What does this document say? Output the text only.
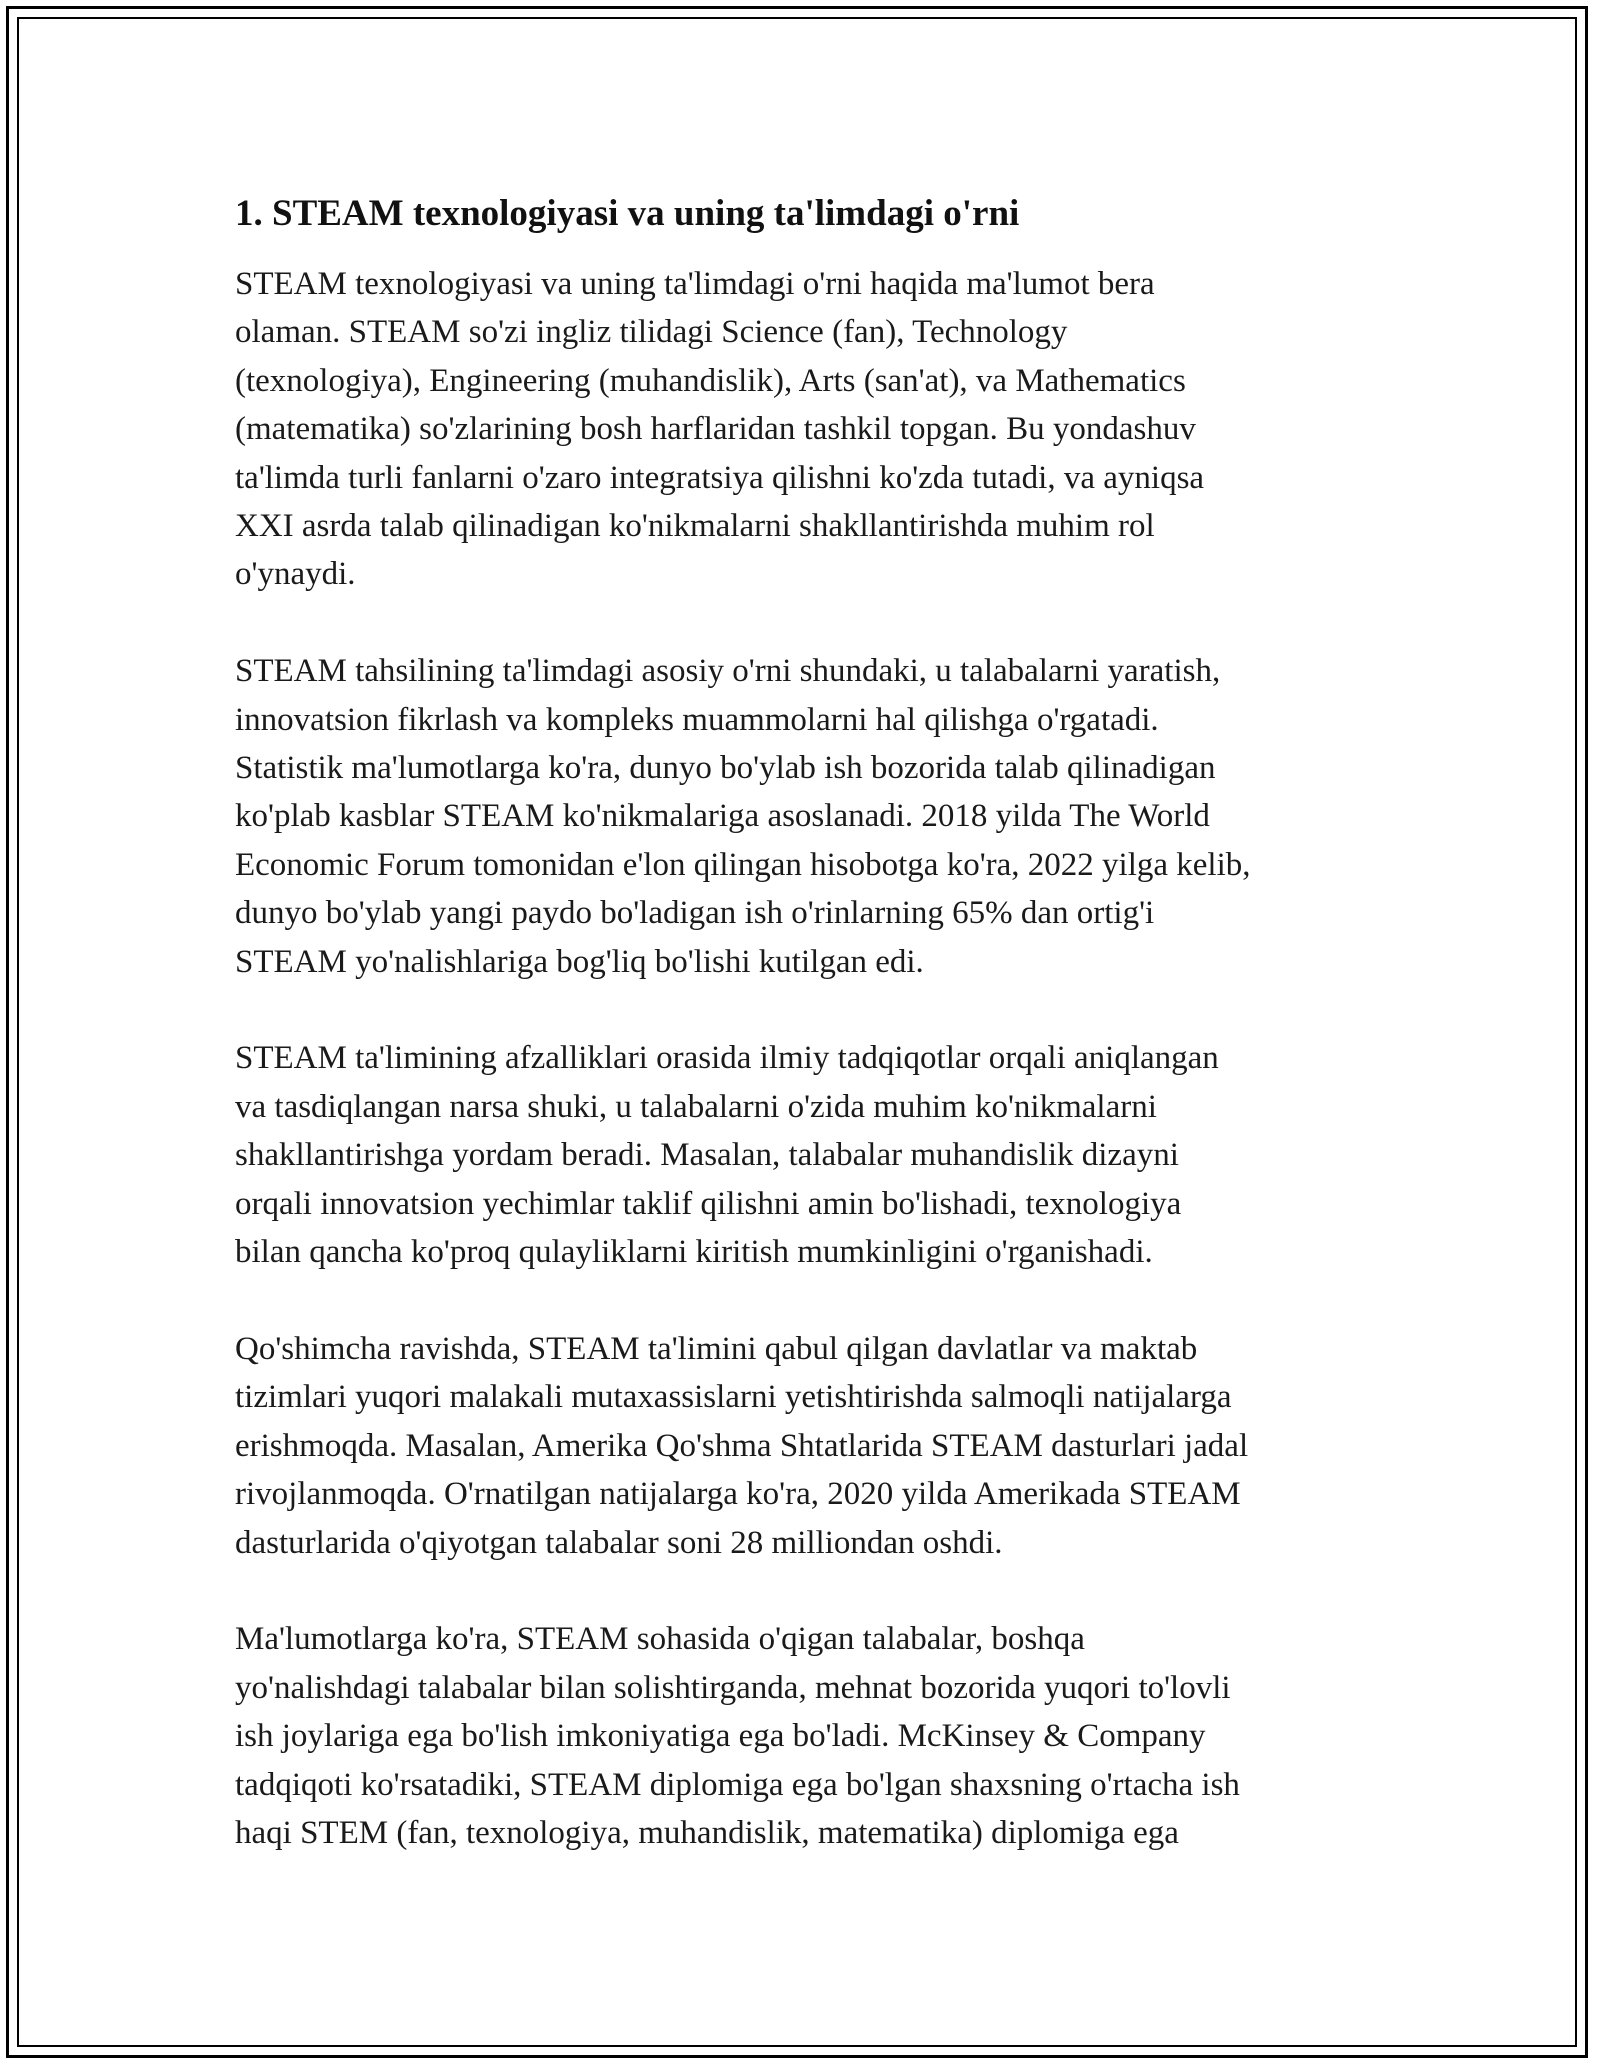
1. STEAM texnologiyasi va uning ta'limdagi o'rni

STEAM texnologiyasi va uning ta'limdagi o'rni haqida ma'lumot bera
olaman. STEAM so'zi ingliz tilidagi Science (fan), Technology
(texnologiya), Engineering (muhandislik), Arts (san'at), va Mathematics
(matematika) so'zlarining bosh harflaridan tashkil topgan. Bu yondashuv
ta'limda turli fanlarni o'zaro integratsiya qilishni ko'zda tutadi, va ayniqsa
XXI asrda talab qilinadigan ko'nikmalarni shakllantirishda muhim rol
o'ynaydi.

STEAM tahsilining ta'limdagi asosiy o'rni shundaki, u talabalarni yaratish,
innovatsion fikrlash va kompleks muammolarni hal qilishga o'rgatadi.
Statistik ma'lumotlarga ko'ra, dunyo bo'ylab ish bozorida talab qilinadigan
ko'plab kasblar STEAM ko'nikmalariga asoslanadi. 2018 yilda The World
Economic Forum tomonidan e'lon qilingan hisobotga ko'ra, 2022 yilga kelib,
dunyo bo'ylab yangi paydo bo'ladigan ish o'rinlarning 65% dan ortig'i
STEAM yo'nalishlariga bog'liq bo'lishi kutilgan edi.

STEAM ta'limining afzalliklari orasida ilmiy tadqiqotlar orqali aniqlangan
va tasdiqlangan narsa shuki, u talabalarni o'zida muhim ko'nikmalarni
shakllantirishga yordam beradi. Masalan, talabalar muhandislik dizayni
orqali innovatsion yechimlar taklif qilishni amin bo'lishadi, texnologiya
bilan qancha ko'proq qulayliklarni kiritish mumkinligini o'rganishadi.

Qo'shimcha ravishda, STEAM ta'limini qabul qilgan davlatlar va maktab
tizimlari yuqori malakali mutaxassislarni yetishtirishda salmoqli natijalarga
erishmoqda. Masalan, Amerika Qo'shma Shtatlarida STEAM dasturlari jadal
rivojlanmoqda. O'rnatilgan natijalarga ko'ra, 2020 yilda Amerikada STEAM
dasturlarida o'qiyotgan talabalar soni 28 milliondan oshdi.

Ma'lumotlarga ko'ra, STEAM sohasida o'qigan talabalar, boshqa
yo'nalishdagi talabalar bilan solishtirganda, mehnat bozorida yuqori to'lovli
ish joylariga ega bo'lish imkoniyatiga ega bo'ladi. McKinsey & Company
tadqiqoti ko'rsatadiki, STEAM diplomiga ega bo'lgan shaxsning o'rtacha ish
haqi STEM (fan, texnologiya, muhandislik, matematika) diplomiga ega
